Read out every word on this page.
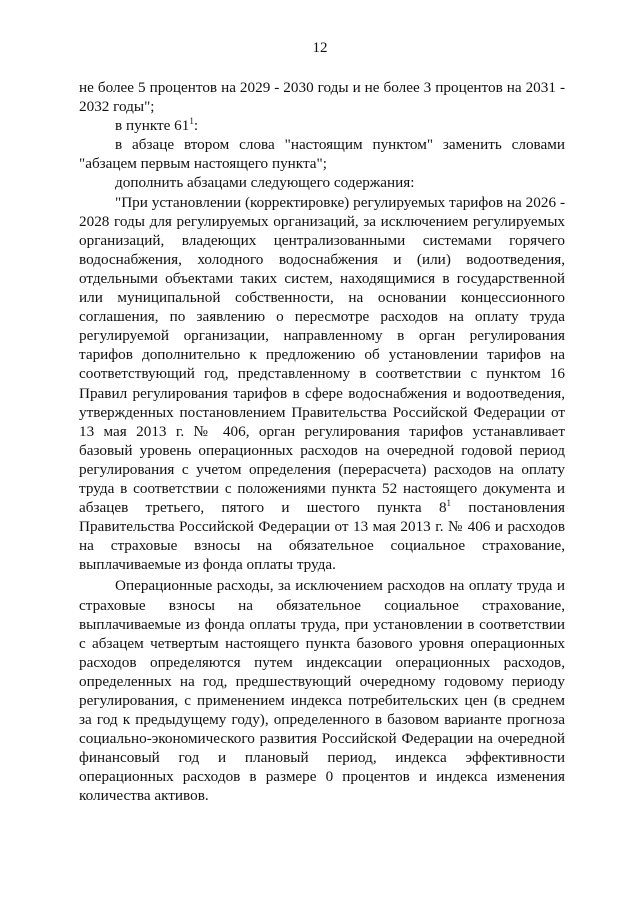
12

не более 5 процентов на 2029 - 2030 годы и не более 3 процентов на 2031 - 2032 годы";

в пункте $61^1$:

в абзаце втором слова "настоящим пунктом" заменить словами "абзацем первым настоящего пункта";

дополнить абзацами следующего содержания:

"При установлении (корректировке) регулируемых тарифов на 2026 - 2028 годы для регулируемых организаций, за исключением регулируемых организаций, владеющих централизованными системами горячего водоснабжения, холодного водоснабжения и (или) водоотведения, отдельными объектами таких систем, находящимися в государственной или муниципальной собственности, на основании концессионного соглашения, по заявлению о пересмотре расходов на оплату труда регулируемой организации, направленному в орган регулирования тарифов дополнительно к предложению об установлении тарифов на соответствующий год, представленному в соответствии с пунктом 16 Правил регулирования тарифов в сфере водоснабжения и водоотведения, утвержденных постановлением Правительства Российской Федерации от 13 мая 2013 г. № 406, орган регулирования тарифов устанавливает базовый уровень операционных расходов на очередной годовой период регулирования с учетом определения (перерасчета) расходов на оплату труда в соответствии с положениями пункта 52 настоящего документа и абзацев третьего, пятого и шестого пункта $8^1$ постановления Правительства Российской Федерации от 13 мая 2013 г. № 406 и расходов на страховые взносы на обязательное социальное страхование, выплачиваемые из фонда оплаты труда.

Операционные расходы, за исключением расходов на оплату труда и страховые взносы на обязательное социальное страхование, выплачиваемые из фонда оплаты труда, при установлении в соответствии с абзацем четвертым настоящего пункта базового уровня операционных расходов определяются путем индексации операционных расходов, определенных на год, предшествующий очередному годовому периоду регулирования, с применением индекса потребительских цен (в среднем за год к предыдущему году), определенного в базовом варианте прогноза социально-экономического развития Российской Федерации на очередной финансовый год и плановый период, индекса эффективности операционных расходов в размере 0 процентов и индекса изменения количества активов.
